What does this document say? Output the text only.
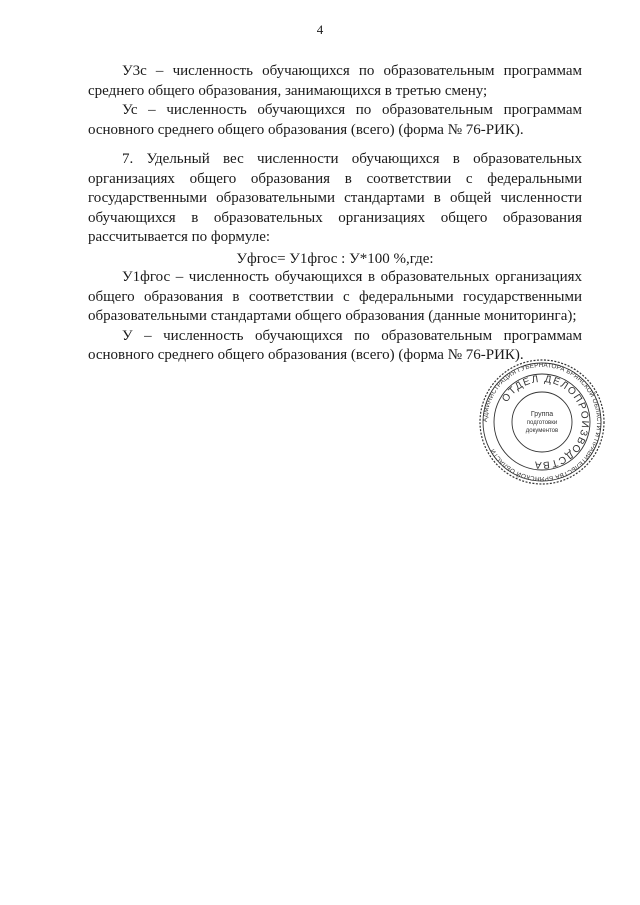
4

У3с – численность обучающихся по образовательным программам среднего общего образования, занимающихся в третью смену;

Ус – численность обучающихся по образовательным программам основного среднего общего образования (всего) (форма № 76-РИК).

7. Удельный вес численности обучающихся в образовательных организациях общего образования в соответствии с федеральными государственными образовательными стандартами в общей численности обучающихся в образовательных организациях общего образования рассчитывается по формуле:

Уфгос= У1фгос : У*100 %,где:

У1фгос – численность обучающихся в образовательных организациях общего образования в соответствии с федеральными государственными образовательными стандартами общего образования (данные мониторинга);

У – численность обучающихся по образовательным программам основного среднего общего образования (всего) (форма № 76-РИК).

АДМИНИСТРАЦИЯ ГУБЕРНАТОРА БРЯНСКОЙ ОБЛАСТИ И ПРАВИТЕЛЬСТВА БРЯНСКОЙ ОБЛАСТИ
ОТДЕЛ ДЕЛОПРОИЗВОДСТВА
Группа
подготовки
документов
